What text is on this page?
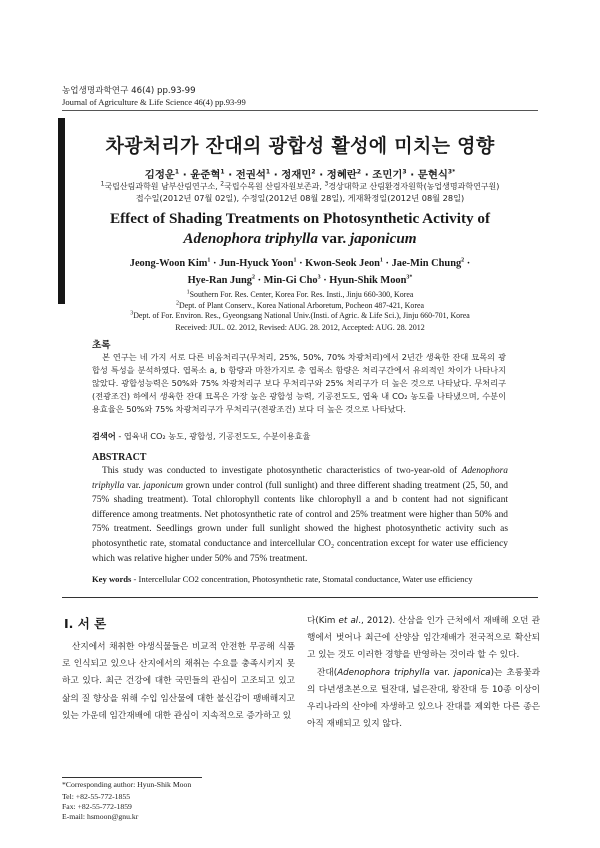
농업생명과학연구 46(4) pp.93-99
Journal of Agriculture & Life Science 46(4) pp.93-99
차광처리가 잔대의 광합성 활성에 미치는 영향
김정운$^1$ · 윤준혁$^1$ · 전권석$^1$ · 정재민$^2$ · 정혜란$^2$ · 조민기$^3$ · 문현식$^{3*}$
$^1$국립산림과학원 남부산림연구소, $^2$국립수목원 산림자원보존과, $^3$경상대학교 산림환경자원학(농업생명과학연구원)
접수일(2012년 07월 02일), 수정일(2012년 08월 28일), 게재확정일(2012년 08월 28일)
Effect of Shading Treatments on Photosynthetic Activity of
Adenophora triphylla var. japonicum
Jeong-Woon Kim$^1$ · Jun-Hyuck Yoon$^1$ · Kwon-Seok Jeon$^1$ · Jae-Min Chung$^2$ ·
Hye-Ran Jung$^2$ · Min-Gi Cho$^3$ · Hyun-Shik Moon$^{3*}$
$^1$Southern For. Res. Center, Korea For. Res. Insti., Jinju 660-300, Korea
$^2$Dept. of Plant Conserv., Korea National Arboretum, Pocheon 487-421, Korea
$^3$Dept. of For. Environ. Res., Gyeongsang National Univ.(Insti. of Agric. & Life Sci.), Jinju 660-701, Korea
Received: JUL. 02. 2012, Revised: AUG. 28. 2012, Accepted: AUG. 28. 2012
초록

본 연구는 네 가지 서로 다른 비음처리구(무처리, 25%, 50%, 70% 차광처리)에서 2년간 생육한 잔대 묘목의 광합성 특성을 분석하였다. 엽록소 a, b 함량과 마찬가지로 총 엽록소 함량은 처리구간에서 유의적인 차이가 나타나지 않았다. 광합성능력은 50%와 75% 차광처리구 보다 무처리구와 25% 처리구가 더 높은 것으로 나타났다. 무처리구(전광조건) 하에서 생육한 잔대 묘목은 가장 높은 광합성 능력, 기공전도도, 엽육 내 CO₂ 농도를 나타냈으며, 수분이용효율은 50%와 75% 차광처리구가 무처리구(전광조건) 보다 더 높은 것으로 나타났다.

검색어 - 엽육내 CO₂ 농도, 광합성, 기공전도도, 수분이용효율
ABSTRACT

This study was conducted to investigate photosynthetic characteristics of two-year-old of Adenophora triphylla var. japonicum grown under control (full sunlight) and three different shading treatment (25, 50, and 75% shading treatment). Total chlorophyll contents like chlorophyll a and b content had not significant difference among treatments. Net photosynthetic rate of control and 25% treatment were higher than 50% and 75% treatment. Seedlings grown under full sunlight showed the highest photosynthetic activity such as photosynthetic rate, stomatal conductance and intercellular CO₂ concentration except for water use efficiency which was relative higher under 50% and 75% treatment.

Key words - Intercellular CO2 concentration, Photosynthetic rate, Stomatal conductance, Water use efficiency
Ⅰ. 서 론

산지에서 채취한 야생식물들은 비교적 안전한 무공해 식품로 인식되고 있으나 산지에서의 채취는 수요를 충족시키지 못하고 있다. 최근 건강에 대한 국민들의 관심이 고조되고 있고 삶의 질 향상을 위해 수입 임산물에 대한 불신감이 팽배해지고 있는 가운데 임간재배에 대한 관심이 지속적으로 증가하고 있

다(Kim et al., 2012). 산삼을 인가 근처에서 재배해 오던 관행에서 벗어나 최근에 산양삼 임간재배가 전국적으로 확산되고 있는 것도 이러한 경향을 반영하는 것이라 할 수 있다.

잔대(Adenophora triphylla var. japonica)는 초롱꽃과의 다년생초본으로 털잔대, 넓은잔대, 왕잔대 등 10종 이상이 우리나라의 산야에 자생하고 있으나 잔대를 제외한 다른 종은 아직 재배되고 있지 않다.

*Corresponding author: Hyun-Shik Moon
Tel: +82-55-772-1855
Fax: +82-55-772-1859
E-mail: hsmoon@gnu.kr
